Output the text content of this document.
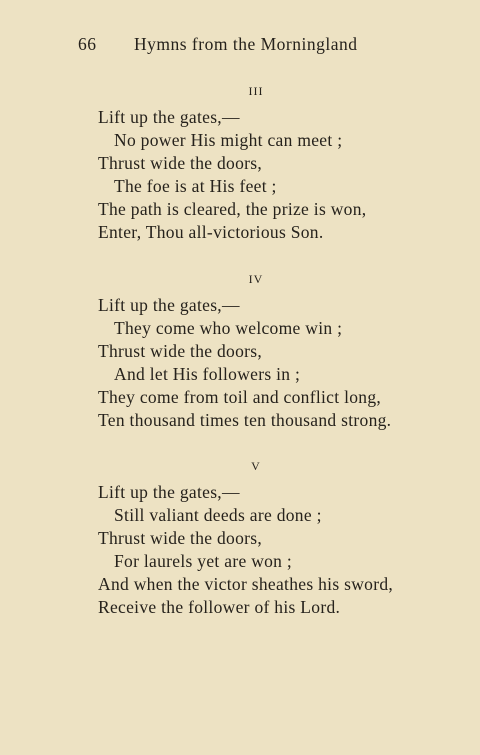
66 Hymns from the Morningland
III
Lift up the gates,—
No power His might can meet ;
Thrust wide the doors,
The foe is at His feet ;
The path is cleared, the prize is won,
Enter, Thou all-victorious Son.
IV
Lift up the gates,—
They come who welcome win ;
Thrust wide the doors,
And let His followers in ;
They come from toil and conflict long,
Ten thousand times ten thousand strong.
V
Lift up the gates,—
Still valiant deeds are done ;
Thrust wide the doors,
For laurels yet are won ;
And when the victor sheathes his sword,
Receive the follower of his Lord.
